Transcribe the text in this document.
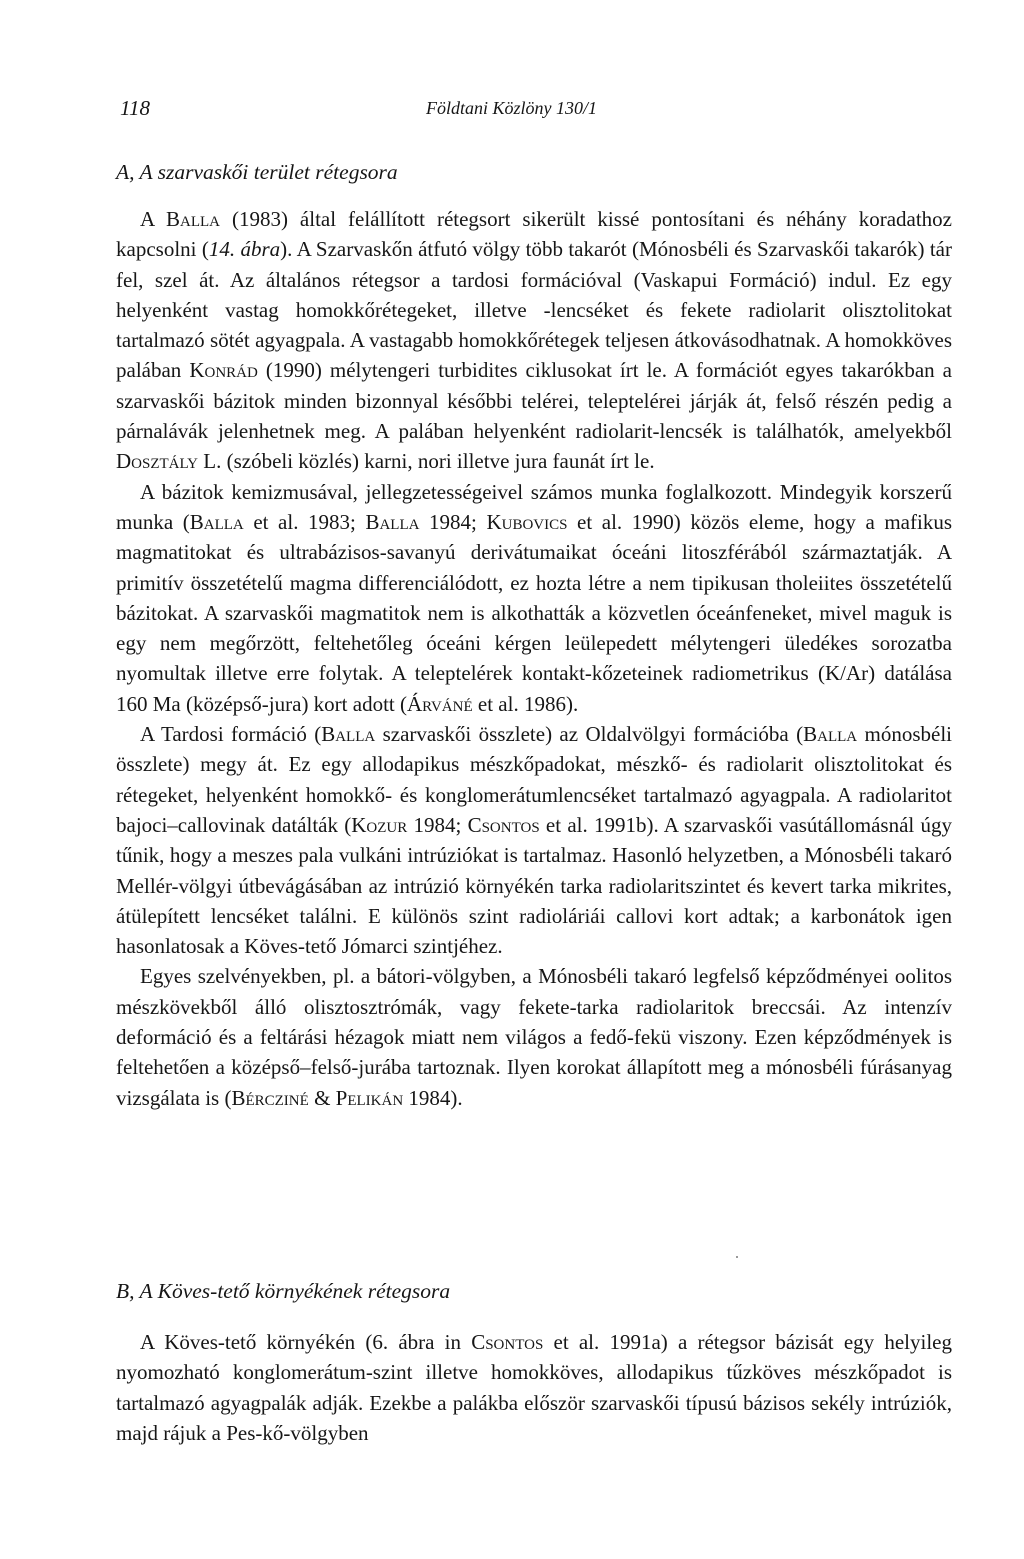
118	Földtani Közlöny 130/1
A, A szarvaskői terület rétegsora

A Balla (1983) által felállított rétegsort sikerült kissé pontosítani és néhány koradathoz kapcsolni (14. ábra). A Szarvaskőn átfutó völgy több takarót (Mónosbéli és Szarvaskői takarók) tár fel, szel át. Az általános rétegsor a tardosi formációval (Vaskapui Formáció) indul. Ez egy helyenként vastag homokkőrétegeket, illetve -lencséket és fekete radiolarit olisztolitokat tartalmazó sötét agyagpala. A vastagabb homokkőrétegek teljesen átkovásodhatnak. A homokköves palában Konrád (1990) mélytengeri turbidites ciklusokat írt le. A formációt egyes takarókban a szarvaskői bázitok minden bizonnyal későbbi telérei, teleptelérei járják át, felső részén pedig a párnalávák jelenhetnek meg. A palában helyenként radiolarit-lencsék is találhatók, amelyekből Dosztály L. (szóbeli közlés) karni, nori illetve jura faunát írt le.

A bázitok kemizmusával, jellegzetességeivel számos munka foglalkozott. Mindegyik korszerű munka (Balla et al. 1983; Balla 1984; Kubovics et al. 1990) közös eleme, hogy a mafikus magmatitokat és ultrabázisos-savanyú derivátumaikat óceáni litoszférából származtatják. A primitív összetételű magma differenciálódott, ez hozta létre a nem tipikusan tholeiites összetételű bázitokat. A szarvaskői magmatitok nem is alkothatták a közvetlen óceánfeneket, mivel maguk is egy nem megőrzött, feltehetőleg óceáni kérgen leülepedett mélytengeri üledékes sorozatba nyomultak illetve erre folytak. A teleptelérek kontakt-kőzeteinek radiometrikus (K/Ar) datálása 160 Ma (középső-jura) kort adott (Árváné et al. 1986).

A Tardosi formáció (Balla szarvaskői összlete) az Oldalvölgyi formációba (Balla mónosbéli összlete) megy át. Ez egy allodapikus mészkőpadokat, mészkő- és radiolarit olisztolitokat és rétegeket, helyenként homokkő- és konglomerátumlencséket tartalmazó agyagpala. A radiolaritot bajoci–callovinak datálták (Kozur 1984; Csontos et al. 1991b). A szarvaskői vasútállomásnál úgy tűnik, hogy a meszes pala vulkáni intrúziókat is tartalmaz. Hasonló helyzetben, a Mónosbéli takaró Mellér-völgyi útbevágásában az intrúzió környékén tarka radiolaritszintet és kevert tarka mikrites, átülepített lencséket találni. E különös szint radioláriái callovi kort adtak; a karbonátok igen hasonlatosak a Köves-tető Jómarci szintjéhez.

Egyes szelvényekben, pl. a bátori-völgyben, a Mónosbéli takaró legfelső képződményei oolitos mészkövekből álló olisztosztrómák, vagy fekete-tarka radiolaritok breccsái. Az intenzív deformáció és a feltárási hézagok miatt nem világos a fedő-fekü viszony. Ezen képződmények is feltehetően a középső–felső-jurába tartoznak. Ilyen korokat állapított meg a mónosbéli fúrásanyag vizsgálata is (Bércziné & Pelikán 1984).

B, A Köves-tető környékének rétegsora

A Köves-tető környékén (6. ábra in Csontos et al. 1991a) a rétegsor bázisát egy helyileg nyomozható konglomerátum-szint illetve homokköves, allodapikus tűzköves mészkőpadot is tartalmazó agyagpalák adják. Ezekbe a palákba először szarvaskői típusú bázisos sekély intrúziók, majd rájuk a Pes-kő-völgyben
